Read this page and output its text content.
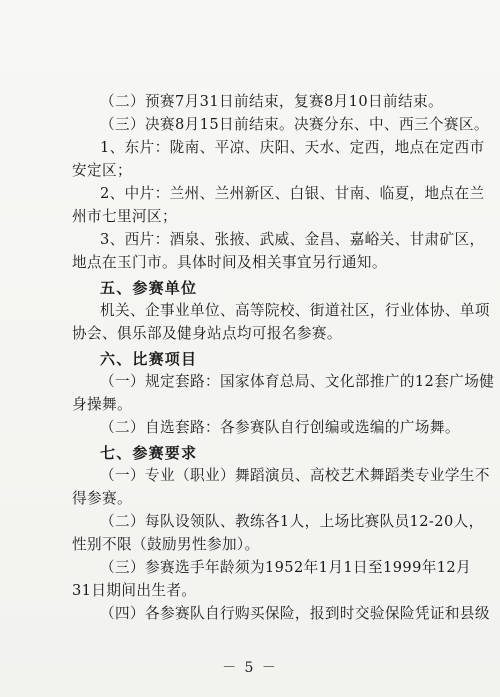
（二）预赛7月31日前结束，复赛8月10日前结束。
（三）决赛8月15日前结束。决赛分东、中、西三个赛区。
1、东片：陇南、平凉、庆阳、天水、定西，地点在定西市
安定区；
2、中片：兰州、兰州新区、白银、甘南、临夏，地点在兰
州市七里河区；
3、西片：酒泉、张掖、武威、金昌、嘉峪关、甘肃矿区，
地点在玉门市。具体时间及相关事宜另行通知。
五、参赛单位
机关、企事业单位、高等院校、街道社区，行业体协、单项
协会、俱乐部及健身站点均可报名参赛。
六、比赛项目
（一）规定套路：国家体育总局、文化部推广的12套广场健
身操舞。
（二）自选套路：各参赛队自行创编或选编的广场舞。
七、参赛要求
（一）专业（职业）舞蹈演员、高校艺术舞蹈类专业学生不
得参赛。
（二）每队设领队、教练各1人，上场比赛队员12-20人，
－ 5 －
性别不限（鼓励男性参加）。
（三）参赛选手年龄须为1952年1月1日至1999年12月
31日期间出生者。
（四）各参赛队自行购买保险，报到时交验保险凭证和县级
